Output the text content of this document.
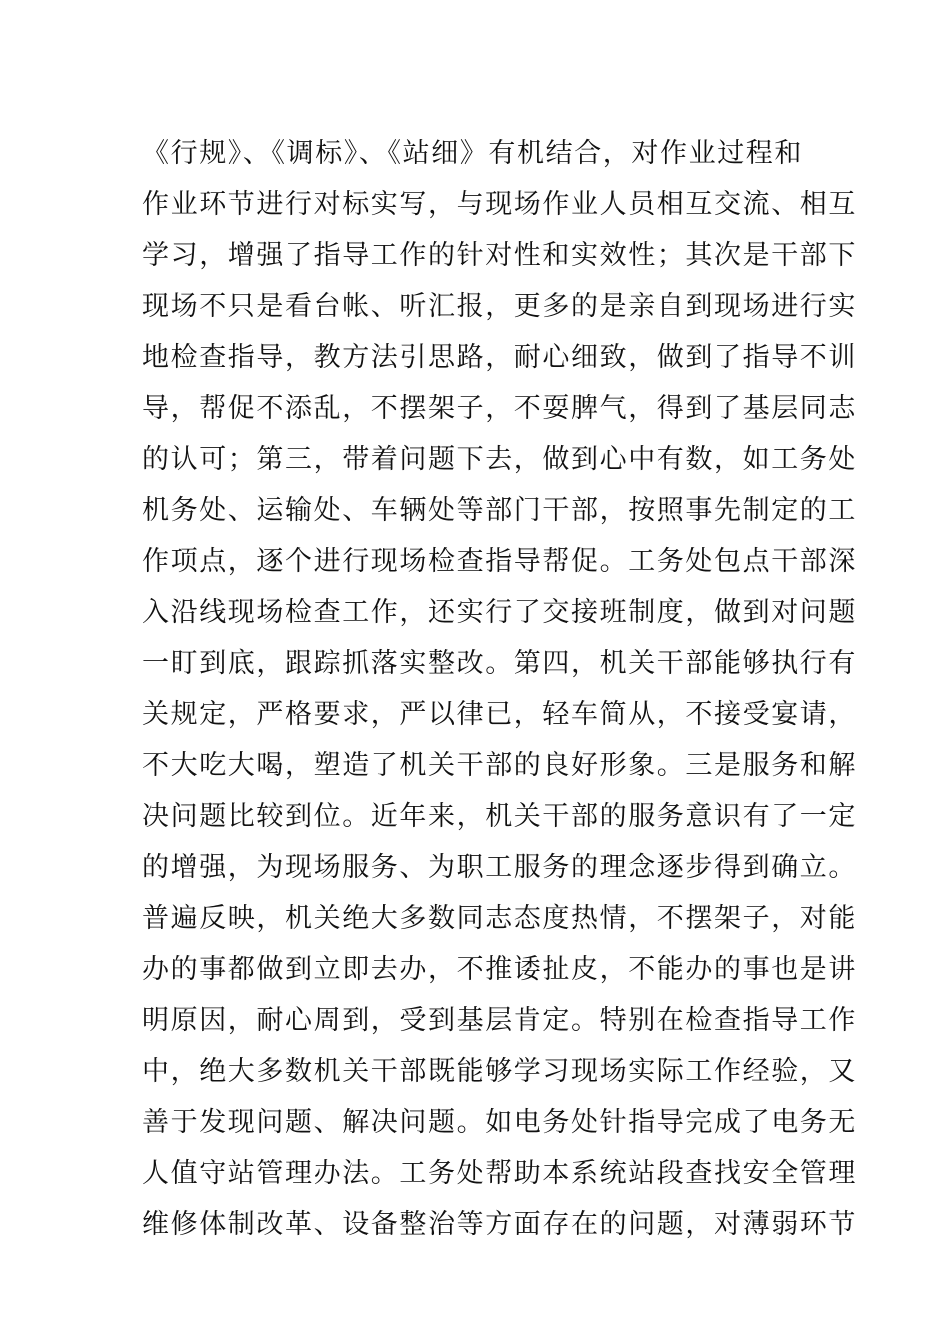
《行规》、《调标》、《站细》有机结合，对作业过程和
作业环节进行对标实写，与现场作业人员相互交流、相互
学习，增强了指导工作的针对性和实效性；其次是干部下
现场不只是看台帐、听汇报，更多的是亲自到现场进行实
地检查指导，教方法引思路，耐心细致，做到了指导不训
导，帮促不添乱，不摆架子，不耍脾气，得到了基层同志
的认可；第三，带着问题下去，做到心中有数，如工务处
机务处、运输处、车辆处等部门干部，按照事先制定的工
作项点，逐个进行现场检查指导帮促。工务处包点干部深
入沿线现场检查工作，还实行了交接班制度，做到对问题
一盯到底，跟踪抓落实整改。第四，机关干部能够执行有
关规定，严格要求，严以律已，轻车简从，不接受宴请，
不大吃大喝，塑造了机关干部的良好形象。三是服务和解
决问题比较到位。近年来，机关干部的服务意识有了一定
的增强，为现场服务、为职工服务的理念逐步得到确立。
普遍反映，机关绝大多数同志态度热情，不摆架子，对能
办的事都做到立即去办，不推诿扯皮，不能办的事也是讲
明原因，耐心周到，受到基层肯定。特别在检查指导工作
中，绝大多数机关干部既能够学习现场实际工作经验，又
善于发现问题、解决问题。如电务处针指导完成了电务无
人值守站管理办法。工务处帮助本系统站段查找安全管理
维修体制改革、设备整治等方面存在的问题，对薄弱环节
